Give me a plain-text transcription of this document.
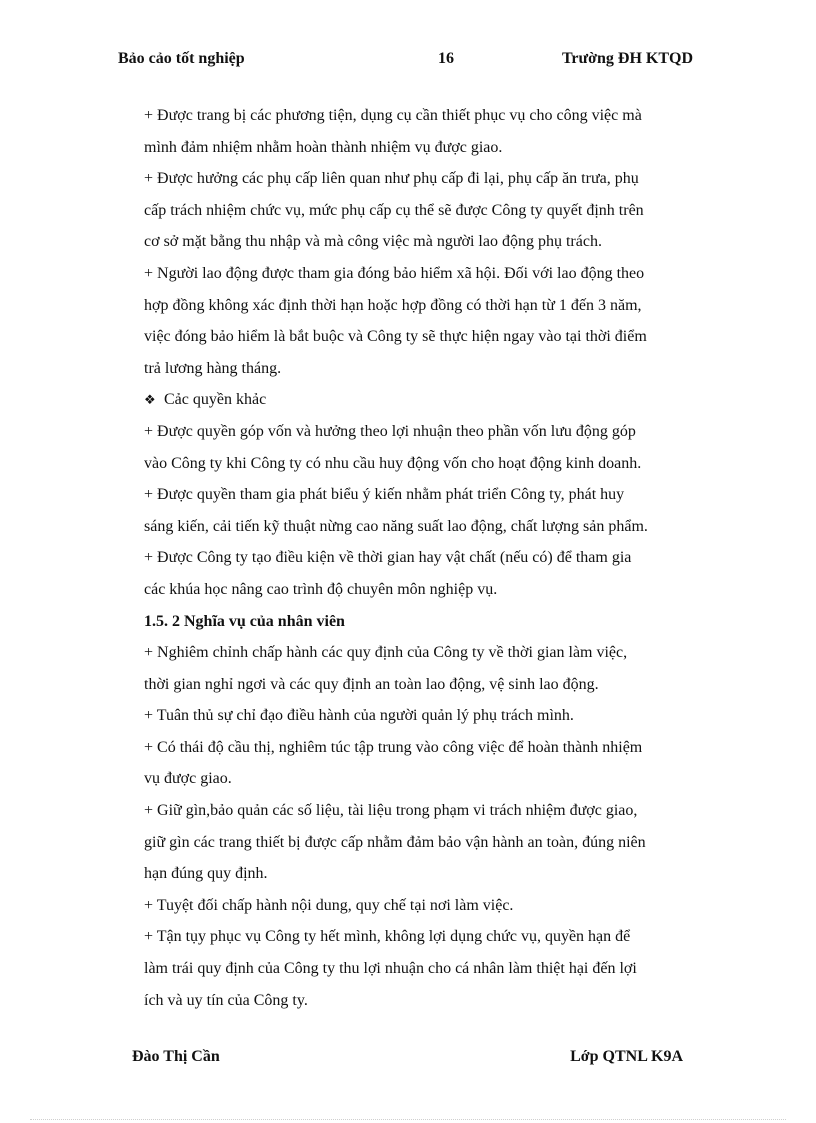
Bảo cảo tốt nghiệp	16	Trường ĐH KTQD
+ Được trang bị các phương tiện, dụng cụ cần thiết phục vụ cho công việc mà
mình đảm nhiệm nhằm hoàn thành nhiệm vụ được giao.
+ Được hưởng các phụ cấp liên quan như phụ cấp đi lại, phụ cấp ăn trưa, phụ
cấp trách nhiệm chức vụ, mức phụ cấp cụ thể sẽ được Công ty quyết định trên
cơ sở mặt bằng thu nhập và mà công việc mà người lao động phụ trách.
+ Người lao động được tham gia đóng bảo hiểm xã hội. Đối với lao động theo
hợp đồng không xác định thời hạn hoặc hợp đồng có thời hạn từ 1 đến 3 năm,
việc đóng bảo hiểm là bắt buộc và Công ty sẽ thực hiện ngay vào tại thời điểm
trả lương hàng tháng.
❖ Cảc quyền khảc
+ Được quyền góp vốn và hưởng theo lợi nhuận theo phần vốn lưu động góp
vào Công ty khi Công ty có nhu cầu huy động vốn cho hoạt động kinh doanh.
+ Được quyền tham gia phát biểu ý kiến nhằm phát triển Công ty, phát huy
sáng kiến, cải tiến kỹ thuật nừng cao năng suất lao động, chất lượng sản phẩm.
+ Được Công ty tạo điều kiện về thời gian hay vật chất (nếu có) để tham gia
các khúa học nâng cao trình độ chuyên môn nghiệp vụ.
1.5. 2 Nghĩa vụ của nhân viên
+ Nghiêm chỉnh chấp hành các quy định của Công ty về thời gian làm việc,
thời gian nghỉ ngơi và các quy định an toàn lao động, vệ sinh lao động.
+ Tuân thủ sự chỉ đạo điều hành của người quản lý phụ trách mình.
+ Có thái độ cầu thị, nghiêm túc tập trung vào công việc để hoàn thành nhiệm
vụ được giao.
+ Giữ gìn,bảo quản các số liệu, tài liệu trong phạm vi trách nhiệm được giao,
giữ gìn các trang thiết bị được cấp nhằm đảm bảo vận hành an toàn, đúng niên
hạn đúng quy định.
+ Tuyệt đối chấp hành nội dung, quy chế tại nơi làm việc.
+ Tận tụy phục vụ Công ty hết mình, không lợi dụng chức vụ, quyền hạn để
làm trái quy định của Công ty thu lợi nhuận cho cá nhân làm thiệt hại đến lợi
ích và uy tín của Công ty.
Đào Thị Cần	Lớp QTNL K9A
